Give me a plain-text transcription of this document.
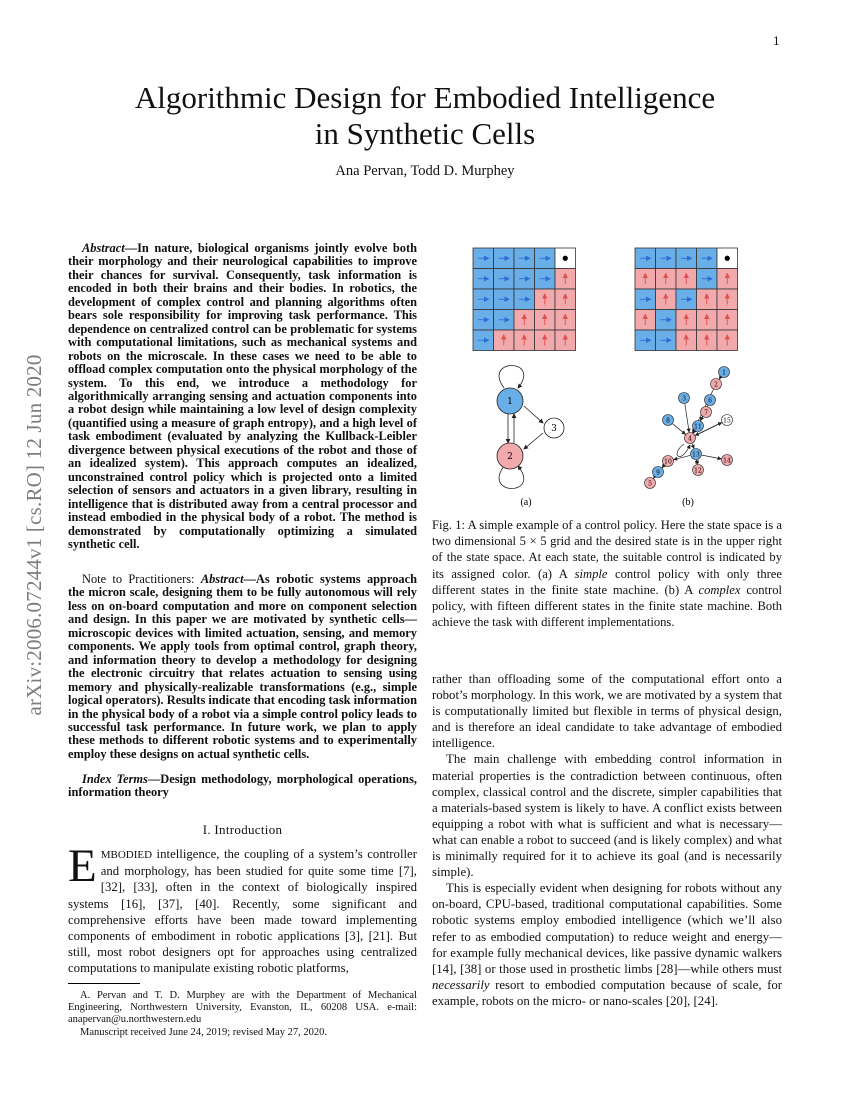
1
arXiv:2006.07244v1 [cs.RO] 12 Jun 2020
Algorithmic Design for Embodied Intelligence
in Synthetic Cells
Ana Pervan, Todd D. Murphey

Abstract—In nature, biological organisms jointly evolve both their morphology and their neurological capabilities to improve their chances for survival. Consequently, task information is encoded in both their brains and their bodies. In robotics, the development of complex control and planning algorithms often bears sole responsibility for improving task performance. This dependence on centralized control can be problematic for systems with computational limitations, such as mechanical systems and robots on the microscale. In these cases we need to be able to offload complex computation onto the physical morphology of the system. To this end, we introduce a methodology for algorithmically arranging sensing and actuation components into a robot design while maintaining a low level of design complexity (quantified using a measure of graph entropy), and a high level of task embodiment (evaluated by analyzing the Kullback-Leibler divergence between physical executions of the robot and those of an idealized system). This approach computes an idealized, unconstrained control policy which is projected onto a limited selection of sensors and actuators in a given library, resulting in intelligence that is distributed away from a central processor and instead embodied in the physical body of a robot. The method is demonstrated by computationally optimizing a simulated synthetic cell.

Note to Practitioners: Abstract—As robotic systems approach the micron scale, designing them to be fully autonomous will rely less on on-board computation and more on component selection and design. In this paper we are motivated by synthetic cells—microscopic devices with limited actuation, sensing, and memory components. We apply tools from optimal control, graph theory, and information theory to develop a methodology for designing the electronic circuitry that relates actuation to sensing using memory and physically-realizable transformations (e.g., simple logical operators). Results indicate that encoding task information in the physical body of a robot via a simple control policy leads to successful task performance. In future work, we plan to apply these methods to different robotic systems and to experimentally employ these designs on actual synthetic cells.

Index Terms—Design methodology, morphological operations, information theory

I. Introduction

EMBODIED intelligence, the coupling of a system’s controller and morphology, has been studied for quite some time [7], [32], [33], often in the context of biologically inspired systems [16], [37], [40]. Recently, some significant and comprehensive efforts have been made toward implementing components of embodiment in robotic applications [3], [21]. But still, most robot designers opt for approaches using centralized computations to manipulate existing robotic platforms,

A. Pervan and T. D. Murphey are with the Department of Mechanical Engineering, Northwestern University, Evanston, IL, 60208 USA. e-mail: anapervan@u.northwestern.edu

Manuscript received June 24, 2019; revised May 27, 2020.

1
2
3
1
2
3
4
5
6
7
8
9
10
11
12
13
14
15
(a)	(b)

Fig. 1: A simple example of a control policy. Here the state space is a two dimensional 5 × 5 grid and the desired state is in the upper right of the state space. At each state, the suitable control is indicated by its assigned color. (a) A simple control policy with only three different states in the finite state machine. (b) A complex control policy, with fifteen different states in the finite state machine. Both achieve the task with different implementations.

rather than offloading some of the computational effort onto a robot’s morphology. In this work, we are motivated by a system that is computationally limited but flexible in terms of physical design, and is therefore an ideal candidate to take advantage of embodied intelligence.

The main challenge with embedding control information in material properties is the contradiction between continuous, often complex, classical control and the discrete, simpler capabilities that a materials-based system is likely to have. A conflict exists between equipping a robot with what is sufficient and what is necessary—what can enable a robot to succeed (and is likely complex) and what is minimally required for it to achieve its goal (and is necessarily simple).

This is especially evident when designing for robots without any on-board, CPU-based, traditional computational capabilities. Some robotic systems employ embodied intelligence (which we’ll also refer to as embodied computation) to reduce weight and energy—for example fully mechanical devices, like passive dynamic walkers [14], [38] or those used in prosthetic limbs [28]—while others must necessarily resort to embodied computation because of scale, for example, robots on the micro- or nano-scales [20], [24].
